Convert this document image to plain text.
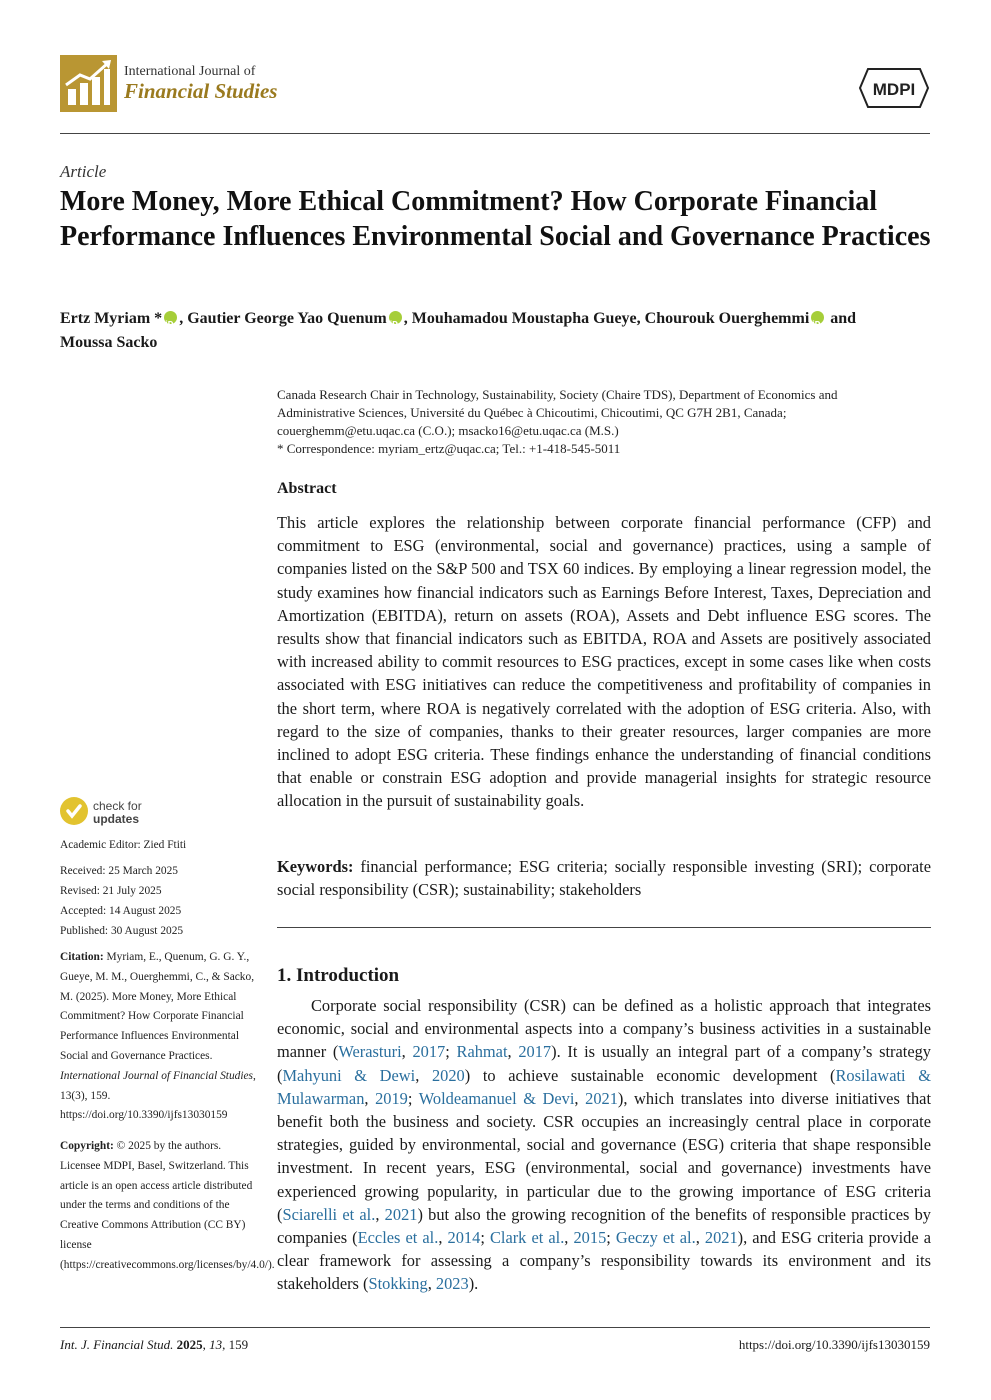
International Journal of
Financial Studies	MDPI
Article
More Money, More Ethical Commitment? How Corporate Financial Performance Influences Environmental Social and Governance Practices
Ertz Myriam * iD , Gautier George Yao Quenum iD , Mouhamadou Moustapha Gueye, Chourouk OuerghemmiiD and
Moussa Sacko
Canada Research Chair in Technology, Sustainability, Society (Chaire TDS), Department of Economics and
Administrative Sciences, Université du Québec à Chicoutimi, Chicoutimi, QC G7H 2B1, Canada;
couerghemm@etu.uqac.ca (C.O.); msacko16@etu.uqac.ca (M.S.)
* Correspondence: myriam_ertz@uqac.ca; Tel.: +1-418-545-5011
Abstract
This article explores the relationship between corporate financial performance (CFP) and commitment to ESG (environmental, social and governance) practices, using a sample of companies listed on the S&P 500 and TSX 60 indices. By employing a linear regression model, the study examines how financial indicators such as Earnings Before Interest, Taxes, Depreciation and Amortization (EBITDA), return on assets (ROA), Assets and Debt influence ESG scores. The results show that financial indicators such as EBITDA, ROA and Assets are positively associated with increased ability to commit resources to ESG practices, except in some cases like when costs associated with ESG initiatives can reduce the competitiveness and profitability of companies in the short term, where ROA is negatively correlated with the adoption of ESG criteria. Also, with regard to the size of companies, thanks to their greater resources, larger companies are more inclined to adopt ESG criteria. These findings enhance the understanding of financial conditions that enable or constrain ESG adoption and provide managerial insights for strategic resource allocation in the pursuit of sustainability goals.
Keywords: financial performance; ESG criteria; socially responsible investing (SRI); corporate social responsibility (CSR); sustainability; stakeholders
1. Introduction
Corporate social responsibility (CSR) can be defined as a holistic approach that integrates economic, social and environmental aspects into a company’s business activities in a sustainable manner (Werasturi, 2017; Rahmat, 2017). It is usually an integral part of a company’s strategy (Mahyuni & Dewi, 2020) to achieve sustainable economic development (Rosilawati & Mulawarman, 2019; Woldeamanuel & Devi, 2021), which translates into diverse initiatives that benefit both the business and society. CSR occupies an increasingly central place in corporate strategies, guided by environmental, social and governance (ESG) criteria that shape responsible investment. In recent years, ESG (environmental, social and governance) investments have experienced growing popularity, in particular due to the growing importance of ESG criteria (Sciarelli et al., 2021) but also the growing recognition of the benefits of responsible practices by companies (Eccles et al., 2014; Clark et al., 2015; Geczy et al., 2021), and ESG criteria provide a clear framework for assessing a company’s responsibility towards its environment and its stakeholders (Stokking, 2023).
check for
updates
Academic Editor: Zied Ftiti
Received: 25 March 2025
Revised: 21 July 2025
Accepted: 14 August 2025
Published: 30 August 2025
Citation: Myriam, E., Quenum, G. G. Y., Gueye, M. M., Ouerghemmi, C., & Sacko, M. (2025). More Money, More Ethical Commitment? How Corporate Financial Performance Influences Environmental Social and Governance Practices. International Journal of Financial Studies, 13(3), 159. https://doi.org/10.3390/ijfs13030159
Copyright: © 2025 by the authors. Licensee MDPI, Basel, Switzerland. This article is an open access article distributed under the terms and conditions of the Creative Commons Attribution (CC BY) license (https://creativecommons.org/licenses/by/4.0/).
Int. J. Financial Stud. 2025, 13, 159	https://doi.org/10.3390/ijfs13030159
